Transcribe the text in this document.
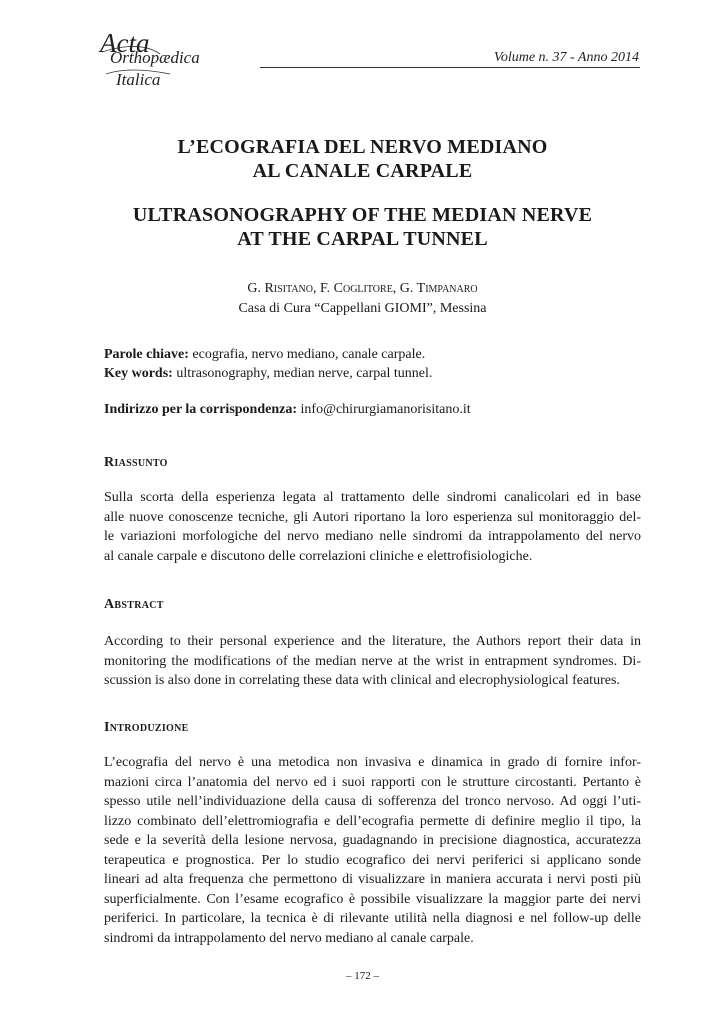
Acta
Orthopædica
Italica
Volume n. 37 - Anno 2014
L’ECOGRAFIA DEL NERVO MEDIANO
AL CANALE CARPALE
ULTRASONOGRAPHY OF THE MEDIAN NERVE
AT THE CARPAL TUNNEL
G. Risitano, F. Coglitore, G. Timpanaro
Casa di Cura “Cappellani GIOMI”, Messina
Parole chiave: ecografia, nervo mediano, canale carpale.
Key words: ultrasonography, median nerve, carpal tunnel.
Indirizzo per la corrispondenza: info@chirurgiamanorisitano.it
Riassunto
Sulla scorta della esperienza legata al trattamento delle sindromi canalicolari ed in base
alle nuove conoscenze tecniche, gli Autori riportano la loro esperienza sul monitoraggio del-
le variazioni morfologiche del nervo mediano nelle sindromi da intrappolamento del nervo
al canale carpale e discutono delle correlazioni cliniche e elettrofisiologiche.
Abstract
According to their personal experience and the literature, the Authors report their data in
monitoring the modifications of the median nerve at the wrist in entrapment syndromes. Di-
scussion is also done in correlating these data with clinical and elecrophysiological features.
Introduzione
L’ecografia del nervo è una metodica non invasiva e dinamica in grado di fornire infor-
mazioni circa l’anatomia del nervo ed i suoi rapporti con le strutture circostanti. Pertanto è
spesso utile nell’individuazione della causa di sofferenza del tronco nervoso. Ad oggi l’uti-
lizzo combinato dell’elettromiografia e dell’ecografia permette di definire meglio il tipo, la
sede e la severità della lesione nervosa, guadagnando in precisione diagnostica, accuratezza
terapeutica e prognostica. Per lo studio ecografico dei nervi periferici si applicano sonde
lineari ad alta frequenza che permettono di visualizzare in maniera accurata i nervi posti più
superficialmente. Con l’esame ecografico è possibile visualizzare la maggior parte dei nervi
periferici. In particolare, la tecnica è di rilevante utilità nella diagnosi e nel follow-up delle
sindromi da intrappolamento del nervo mediano al canale carpale.
– 172 –
